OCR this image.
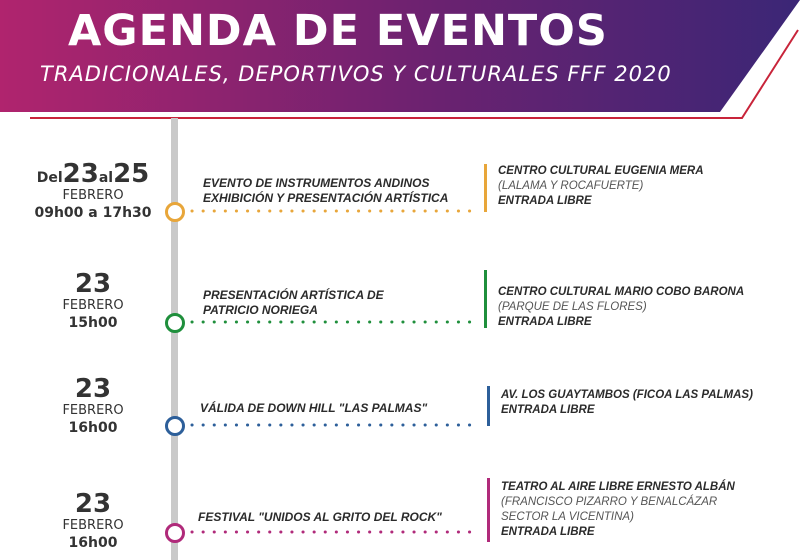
AGENDA DE EVENTOS
TRADICIONALES, DEPORTIVOS Y CULTURALES FFF 2020
Del23al25
FEBRERO
09h00 a 17h30
EVENTO DE INSTRUMENTOS ANDINOS EXHIBICIÓN Y PRESENTACIÓN ARTÍSTICA
CENTRO CULTURAL EUGENIA MERA
(LALAMA Y ROCAFUERTE)
ENTRADA LIBRE
23
FEBRERO
15h00
PRESENTACIÓN ARTÍSTICA DE PATRICIO NORIEGA
CENTRO CULTURAL MARIO COBO BARONA
(PARQUE DE LAS FLORES)
ENTRADA LIBRE
23
FEBRERO
16h00
VÁLIDA DE DOWN HILL "LAS PALMAS"
AV. LOS GUAYTAMBOS (FICOA LAS PALMAS)
ENTRADA LIBRE
23
FEBRERO
16h00
FESTIVAL "UNIDOS AL GRITO DEL ROCK"
TEATRO AL AIRE LIBRE ERNESTO ALBÁN
(FRANCISCO PIZARRO Y BENALCÁZAR SECTOR LA VICENTINA)
ENTRADA LIBRE
